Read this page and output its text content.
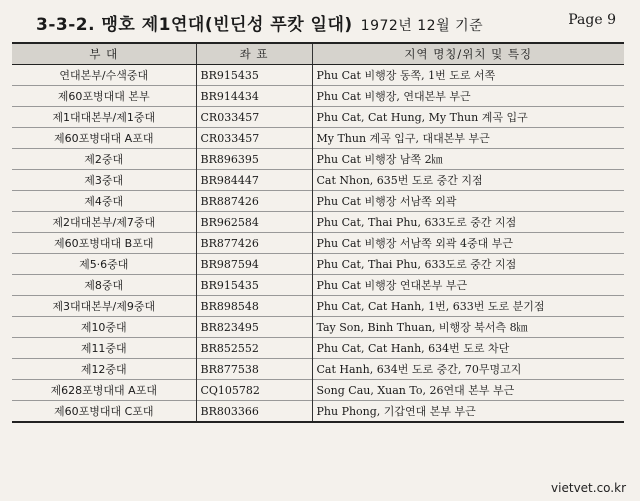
3-3-2. 맹호 제1연대(빈딘성 푸캇 일대) 1972년 12월 기준	Page 9
부 대	좌 표	지역 명칭/위치 및 특징
연대본부/수색중대	BR915435	Phu Cat 비행장 동쪽, 1번 도로 서쪽
제60포병대대 본부	BR914434	Phu Cat 비행장, 연대본부 부근
제1대대본부/제1중대	CR033457	Phu Cat, Cat Hung, My Thun 계곡 입구
제60포병대대 A포대	CR033457	My Thun 계곡 입구, 대대본부 부근
제2중대	BR896395	Phu Cat 비행장 남쪽 2㎞
제3중대	BR984447	Cat Nhon, 635번 도로 중간 지점
제4중대	BR887426	Phu Cat 비행장 서남쪽 외곽
제2대대본부/제7중대	BR962584	Phu Cat, Thai Phu, 633도로 중간 지점
제60포병대대 B포대	BR877426	Phu Cat 비행장 서남쪽 외곽 4중대 부근
제5·6중대	BR987594	Phu Cat, Thai Phu, 633도로 중간 지점
제8중대	BR915435	Phu Cat 비행장 연대본부 부근
제3대대본부/제9중대	BR898548	Phu Cat, Cat Hanh, 1번, 633번 도로 분기점
제10중대	BR823495	Tay Son, Binh Thuan, 비행장 북서측 8㎞
제11중대	BR852552	Phu Cat, Cat Hanh, 634번 도로 차단
제12중대	BR877538	Cat Hanh, 634번 도로 중간, 70무명고지
제628포병대대 A포대	CQ105782	Song Cau, Xuan To, 26연대 본부 부근
제60포병대대 C포대	BR803366	Phu Phong, 기갑연대 본부 부근
vietvet.co.kr
